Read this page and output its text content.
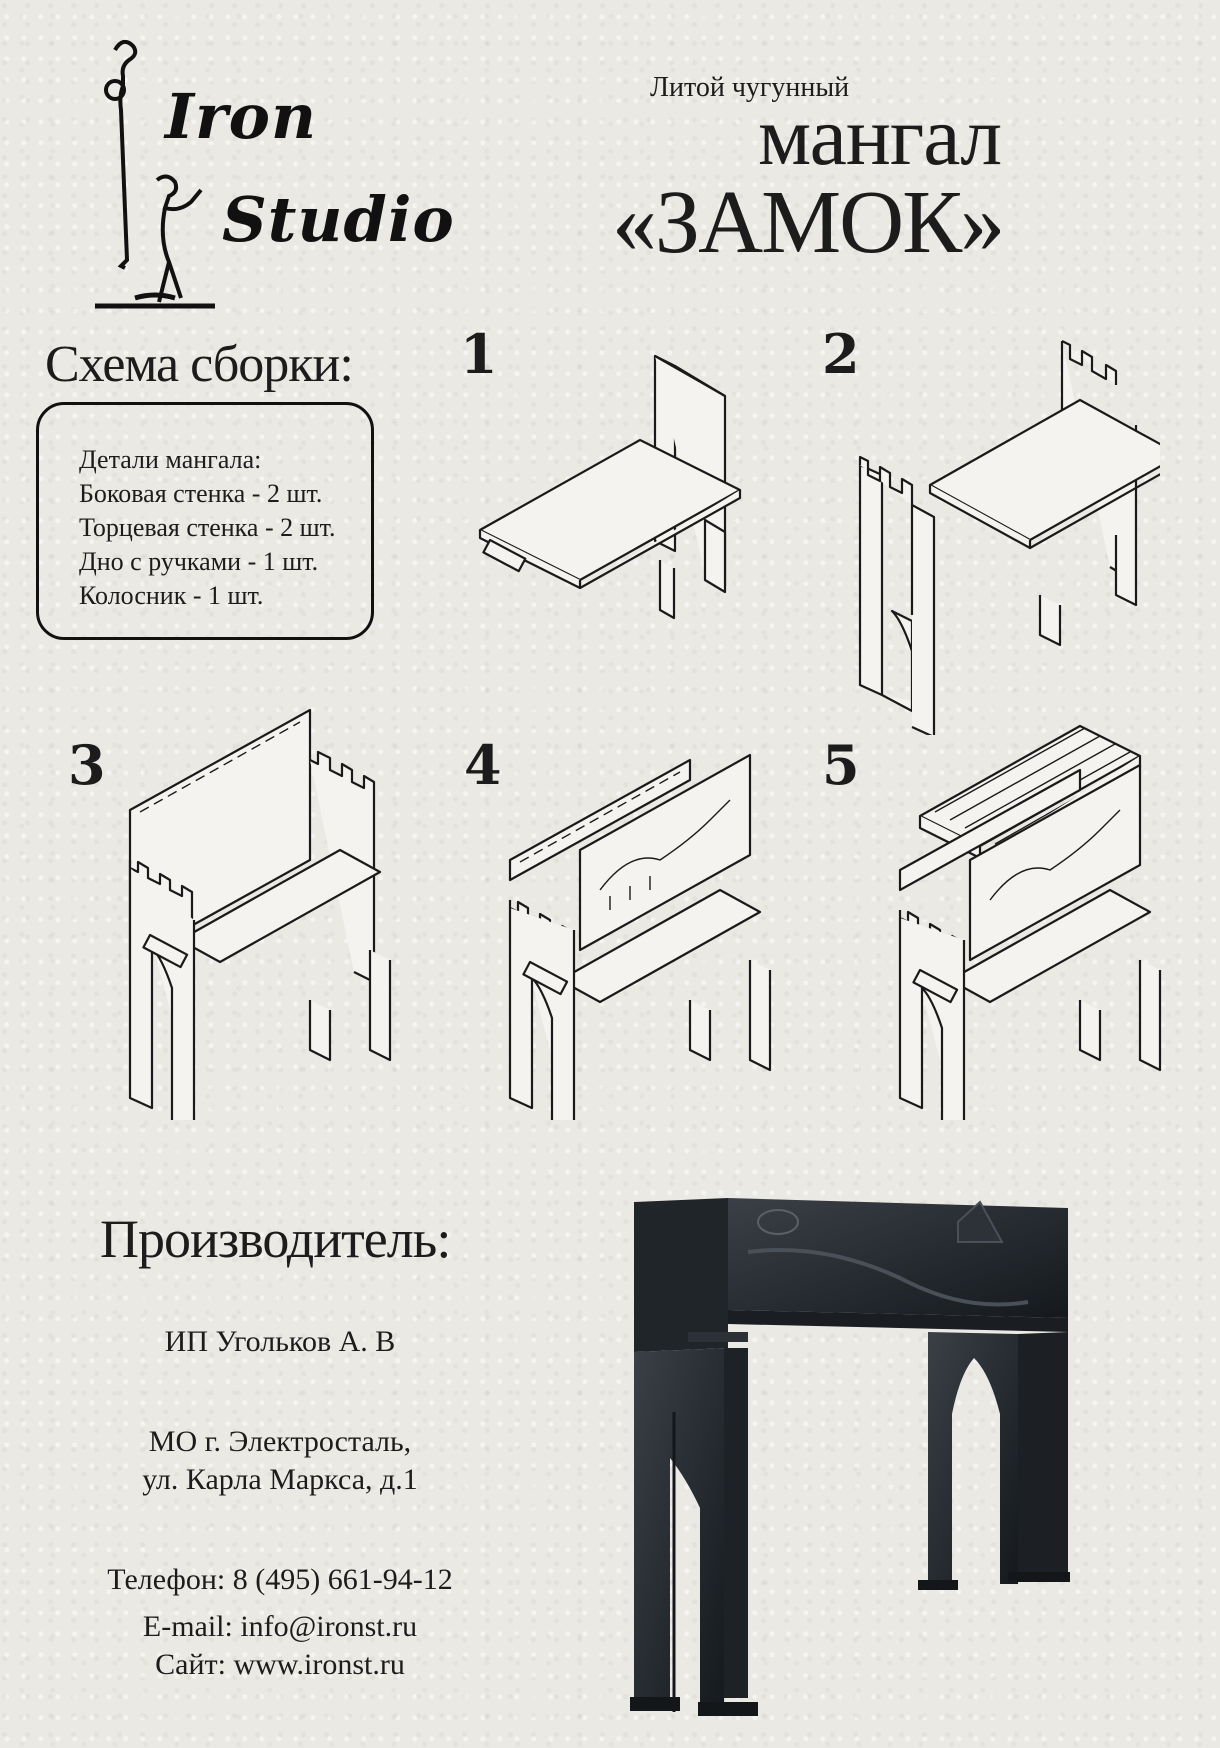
Iron
Studio
Литой чугунный
мангал
«ЗАМОК»
Схема сборки:
Детали мангала:
Боковая стенка - 2 шт.
Торцевая стенка - 2 шт.
Дно с ручками - 1 шт.
Колосник - 1 шт.
1	2
3	4	5
Производитель:
ИП Угольков А. В
МО г. Электросталь,
ул. Карла Маркса, д.1
Телефон: 8 (495) 661-94-12
E-mail: info@ironst.ru
Сайт: www.ironst.ru
